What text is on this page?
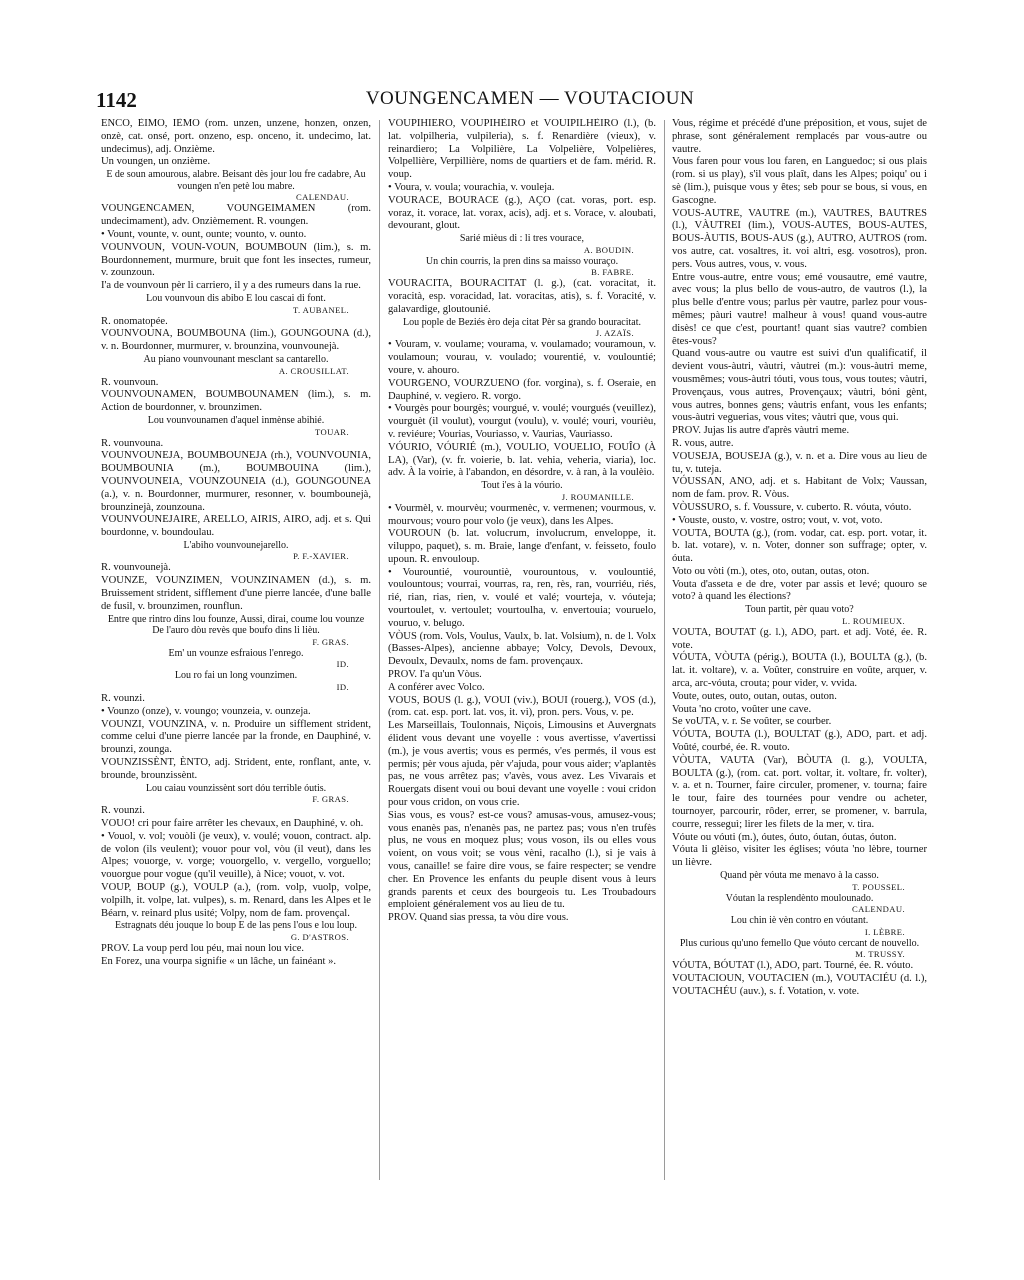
1142	VOUNGENCAMEN — VOUTACIOUN

ENCO, ÈIMO, IÈMO (rom. unzen, unzene, honzen, onzen, onzè, cat. onsé, port. onzeno, esp. onceno, it. undecimo, lat. undecimus), adj. Onzième.

Un voungen, un onzième.

E de soun amourous, alabre. Beisant dès jour lou fre cadabre, Au voungen n'en petè lou mabre.

CALENDAU.

VOUNGENCAMEN, VOUNGEIMAMEN (rom. undecimament), adv. Onzièmement. R. voungen.

• Vount, vounte, v. ount, ounte; vounto, v. ounto.

VOUNVOUN, VOUN-VOUN, BOUMBOUN (lim.), s. m. Bourdonnement, murmure, bruit que font les insectes, rumeur, v. zounzoun.

I'a de vounvoun pèr li carriero, il y a des rumeurs dans la rue.

Lou vounvoun dis abibo E lou cascai di font.

T. AUBANEL.

R. onomatopée.

VOUNVOUNA, BOUMBOUNA (lim.), GOUNGOUNA (d.), v. n. Bourdonner, murmurer, v. brounzina, vounvounejà.

Au piano vounvounant mesclant sa cantarello.

A. CROUSILLAT.

R. vounvoun.

VOUNVOUNAMEN, BOUMBOUNAMEN (lim.), s. m. Action de bourdonner, v. brounzimen.

Lou vounvounamen d'aquel inmènse abihié.

TOUAR.

R. vounvouna.

VOUNVOUNEJA, BOUMBOUNEJA (rh.), VOUNVOUNIA, BOUMBOUNIA (m.), BOUMBOUINA (lim.), VOUNVOUNEIA, VOUNZOUNEIA (d.), GOUNGOUNEA (a.), v. n. Bourdonner, murmurer, resonner, v. boumbounejà, brounzinejà, zounzouna.

VOUNVOUNEJAIRE, ARELLO, AIRIS, AIRO, adj. et s. Qui bourdonne, v. boundoulau.

L'abiho vounvounejarello.

P. F.-XAVIER.

R. vounvounejà.

VOUNZE, VOUNZIMEN, VOUNZINAMEN (d.), s. m. Bruissement strident, sifflement d'une pierre lancée, d'une balle de fusil, v. brounzimen, rounflun.

Entre que rintro dins lou founze, Aussi, dirai, coume lou vounze De l'auro dòu revès que boufo dins li lièu.

F. GRAS.

Em' un vounze esfraious l'enrego.

ID.

Lou ro fai un long vounzimen.

ID.

R. vounzi.

• Vounzo (onze), v. voungo; vounzeia, v. ounzeja.

VOUNZI, VOUNZINA, v. n. Produire un sifflement strident, comme celui d'une pierre lancée par la fronde, en Dauphiné, v. brounzi, zounga.

VOUNZISSÈNT, ÈNTO, adj. Strident, ente, ronflant, ante, v. brounde, brounzissènt.

Lou caiau vounzissènt sort dóu terrible óutis.

F. GRAS.

R. vounzi.

VOUO! cri pour faire arrêter les chevaux, en Dauphiné, v. oh.

• Vouol, v. vol; vouòli (je veux), v. voulé; vouon, contract. alp. de volon (ils veulent); vouor pour vol, vòu (il veut), dans les Alpes; vouorge, v. vorge; vouorgello, v. vergello, vorguello; vouorgue pour vogue (qu'il veuille), à Nice; vouot, v. vot.

VOUP, BOUP (g.), VOULP (a.), (rom. volp, vuolp, volpe, volpilh, it. volpe, lat. vulpes), s. m. Renard, dans les Alpes et le Béarn, v. reinard plus usité; Volpy, nom de fam. provençal.

Estragnats déu jouque lo boup E de las pens l'ous e lou loup.

G. D'ASTROS.

PROV. La voup perd lou péu, mai noun lou vice.

En Forez, una vourpa signifie « un lâche, un fainéant ».

VÓUPIHIERO, VÓUPIHÈIRO et VOUIPILHÈIRO (l.), (b. lat. volpilheria, vulpileria), s. f. Renardière (vieux), v. reinardiero; La Volpilière, La Volpelière, Volpelières, Volpellière, Verpillière, noms de quartiers et de fam. mérid. R. voup.

• Voura, v. voula; vourachia, v. vouleja.

VOURACE, BOURACE (g.), AÇO (cat. voras, port. esp. voraz, it. vorace, lat. vorax, acis), adj. et s. Vorace, v. aloubati, devourant, glout.

Sarié mièus di : li tres vourace,

A. BOUDIN.

Un chin courris, la pren dins sa maisso vouraço.

B. FABRE.

VOURACITA, BOURACITAT (l. g.), (cat. voracitat, it. voracità, esp. voracidad, lat. voracitas, atis), s. f. Voracité, v. galavardige, gloutounié.

Lou pople de Beziés èro deja citat Pèr sa grando bouracitat.

J. AZAÏS.

• Vouram, v. voulame; vourama, v. voulamado; vouramoun, v. voulamoun; vourau, v. voulado; vourentié, v. voulountié; voure, v. ahouro.

VOURGENO, VOURZUENO (for. vorgina), s. f. Oseraie, en Dauphiné, v. vegiero. R. vorgo.

• Vourgès pour bourgès; vourgué, v. voulé; vourgués (veuillez), vourguèt (il voulut), vourgut (voulu), v. voulé; vouri, vourièu, v. reviéure; Vourias, Vouriasso, v. Vaurias, Vauriasso.

VÓURIO, VÓURIÉ (m.), VOULIO, VOUELIO, FOUÎO (À LA), (Var), (v. fr. voierie, b. lat. vehia, veheria, viaria), loc. adv. À la voirie, à l'abandon, en désordre, v. à ran, à la voulèio.

Tout i'es à la vóurio.

J. ROUMANILLE.

• Vourmèl, v. mourvèu; vourmenèc, v. vermenen; vourmous, v. mourvous; vouro pour volo (je veux), dans les Alpes.

VOUROUN (b. lat. volucrum, involucrum, enveloppe, it. viluppo, paquet), s. m. Braie, lange d'enfant, v. feisseto, foulo upoun. R. envouloup.

• Vourountié, vourountiè, vourountous, v. voulountié, voulountous; vourrai, vourras, ra, ren, rès, ran, vourriéu, riés, rié, rian, rias, rien, v. voulé et valé; vourteja, v. vóuteja; vourtoulet, v. vertoulet; vourtoulha, v. envertouia; vouruelo, vouruo, v. belugo.

VÒUS (rom. Vols, Voulus, Vaulx, b. lat. Volsium), n. de l. Volx (Basses-Alpes), ancienne abbaye; Volcy, Devols, Devoux, Devoulx, Devaulx, noms de fam. provençaux.

PROV. I'a qu'un Vòus.

A conférer avec Volco.

VOUS, BOUS (l. g.), VOUI (viv.), BOUI (rouerg.), VOS (d.), (rom. cat. esp. port. lat. vos, it. vi), pron. pers. Vous, v. pe.

Les Marseillais, Toulonnais, Niçois, Limousins et Auvergnats élident vous devant une voyelle : vous avertisse, v'avertissi (m.), je vous avertis; vous es permés, v'es permés, il vous est permis; pèr vous ajuda, pèr v'ajuda, pour vous aider; v'aplantès pas, ne vous arrêtez pas; v'avès, vous avez. Les Vivarais et Rouergats disent voui ou boui devant une voyelle : voui cridon pour vous cridon, on vous crie.

Sias vous, es vous? est-ce vous? amusas-vous, amusez-vous; vous enanès pas, n'enanès pas, ne partez pas; vous n'en trufès plus, ne vous en moquez plus; vous voson, ils ou elles vous voient, on vous voit; se vous vèni, racalho (l.), si je vais à vous, canaille! se faire dire vous, se faire respecter; se vendre cher. En Provence les enfants du peuple disent vous à leurs grands parents et ceux des bourgeois tu. Les Troubadours emploient généralement vos au lieu de tu.

PROV. Quand sias pressa, ta vòu dire vous.

Vous, régime et précédé d'une préposition, et vous, sujet de phrase, sont généralement remplacés par vous-autre ou vautre.

Vous faren pour vous lou faren, en Languedoc; si ous plais (rom. si us play), s'il vous plaît, dans les Alpes; poiqu' ou i sè (lim.), puisque vous y êtes; seb pour se bous, si vous, en Gascogne.

VOUS-AUTRE, VAUTRE (m.), VAUTRES, BAUTRES (l.), VÀUTREI (lim.), VOUS-AUTES, BOUS-AUTES, BOUS-ÀUTIS, BOUS-AUS (g.), AUTRO, AUTROS (rom. vos autre, cat. vosaltres, it. voi altri, esg. vosotros), pron. pers. Vous autres, vous, v. vous.

Entre vous-autre, entre vous; emé vousautre, emé vautre, avec vous; la plus bello de vous-autro, de vautros (l.), la plus belle d'entre vous; parlus pèr vautre, parlez pour vous-mêmes; pàuri vautre! malheur à vous! quand vous-autre disès! ce que c'est, pourtant! quant sias vautre? combien êtes-vous?

Quand vous-autre ou vautre est suivi d'un qualificatif, il devient vous-àutri, vàutri, vàutrei (m.): vous-àutri meme, vousmêmes; vous-àutri tóuti, vous tous, vous toutes; vàutri, Provençaus, vous autres, Provençaux; vàutri, bóni gènt, vous autres, bonnes gens; vàutris enfant, vous les enfants; vous-àutri veguerias, vous vites; vàutri que, vous qui.

PROV. Jujas lis autre d'après vàutri meme.

R. vous, autre.

VOUSEJA, BOUSEJA (g.), v. n. et a. Dire vous au lieu de tu, v. tuteja.

VÓUSSAN, ANO, adj. et s. Habitant de Volx; Vaussan, nom de fam. prov. R. Vòus.

VÒUSSURO, s. f. Voussure, v. cuberto. R. vóuta, vóuto.

• Vouste, ousto, v. vostre, ostro; vout, v. vot, voto.

VOUTA, BOUTA (g.), (rom. vodar, cat. esp. port. votar, it. b. lat. votare), v. n. Voter, donner son suffrage; opter, v. óuta.

Voto ou vòti (m.), otes, oto, outan, outas, oton.

Vouta d'asseta e de dre, voter par assis et levé; quouro se voto? à quand les élections?

Toun partit, pèr quau voto?

L. ROUMIEUX.

VOUTA, BOUTAT (g. l.), ADO, part. et adj. Voté, ée. R. vote.

VÓUTA, VÒUTA (périg.), BOUTA (l.), BOULTA (g.), (b. lat. it. voltare), v. a. Voûter, construire en voûte, arquer, v. arca, arc-vóuta, crouta; pour vider, v. vvida.

Voute, outes, outo, outan, outas, outon.

Vouta 'no croto, voûter une cave.

Se voUTA, v. r. Se voûter, se courber.

VÓUTA, BOUTA (l.), BOULTAT (g.), ADO, part. et adj. Voûté, courbé, ée. R. vouto.

VÒUTA, VAUTA (Var), BÒUTA (l. g.), VOULTA, BOULTA (g.), (rom. cat. port. voltar, it. voltare, fr. volter), v. a. et n. Tourner, faire circuler, promener, v. tourna; faire le tour, faire des tournées pour vendre ou acheter, tournoyer, parcourir, rôder, errer, se promener, v. barrula, courre, resseguì; lirer les filets de la mer, v. tira.

Vóute ou vóuti (m.), óutes, óuto, óutan, óutas, óuton.

Vóuta li glèiso, visiter les églises; vóuta 'no lèbre, tourner un lièvre.

Quand pèr vóuta me menavo à la casso.

T. POUSSEL.

Vóutan la resplendènto moulounado.

CALENDAU.

Lou chin iè vèn contro en vóutant.

I. LÈBRE.

Plus curious qu'uno femello Que vóuto cercant de nouvello.

M. TRUSSY.

VÓUTA, BÓUTAT (l.), ADO, part. Tourné, ée. R. vóuto.

VOUTACIOUN, VOUTACIEN (m.), VOUTACIÉU (d. l.), VOUTACHÉU (auv.), s. f. Votation, v. vote.
